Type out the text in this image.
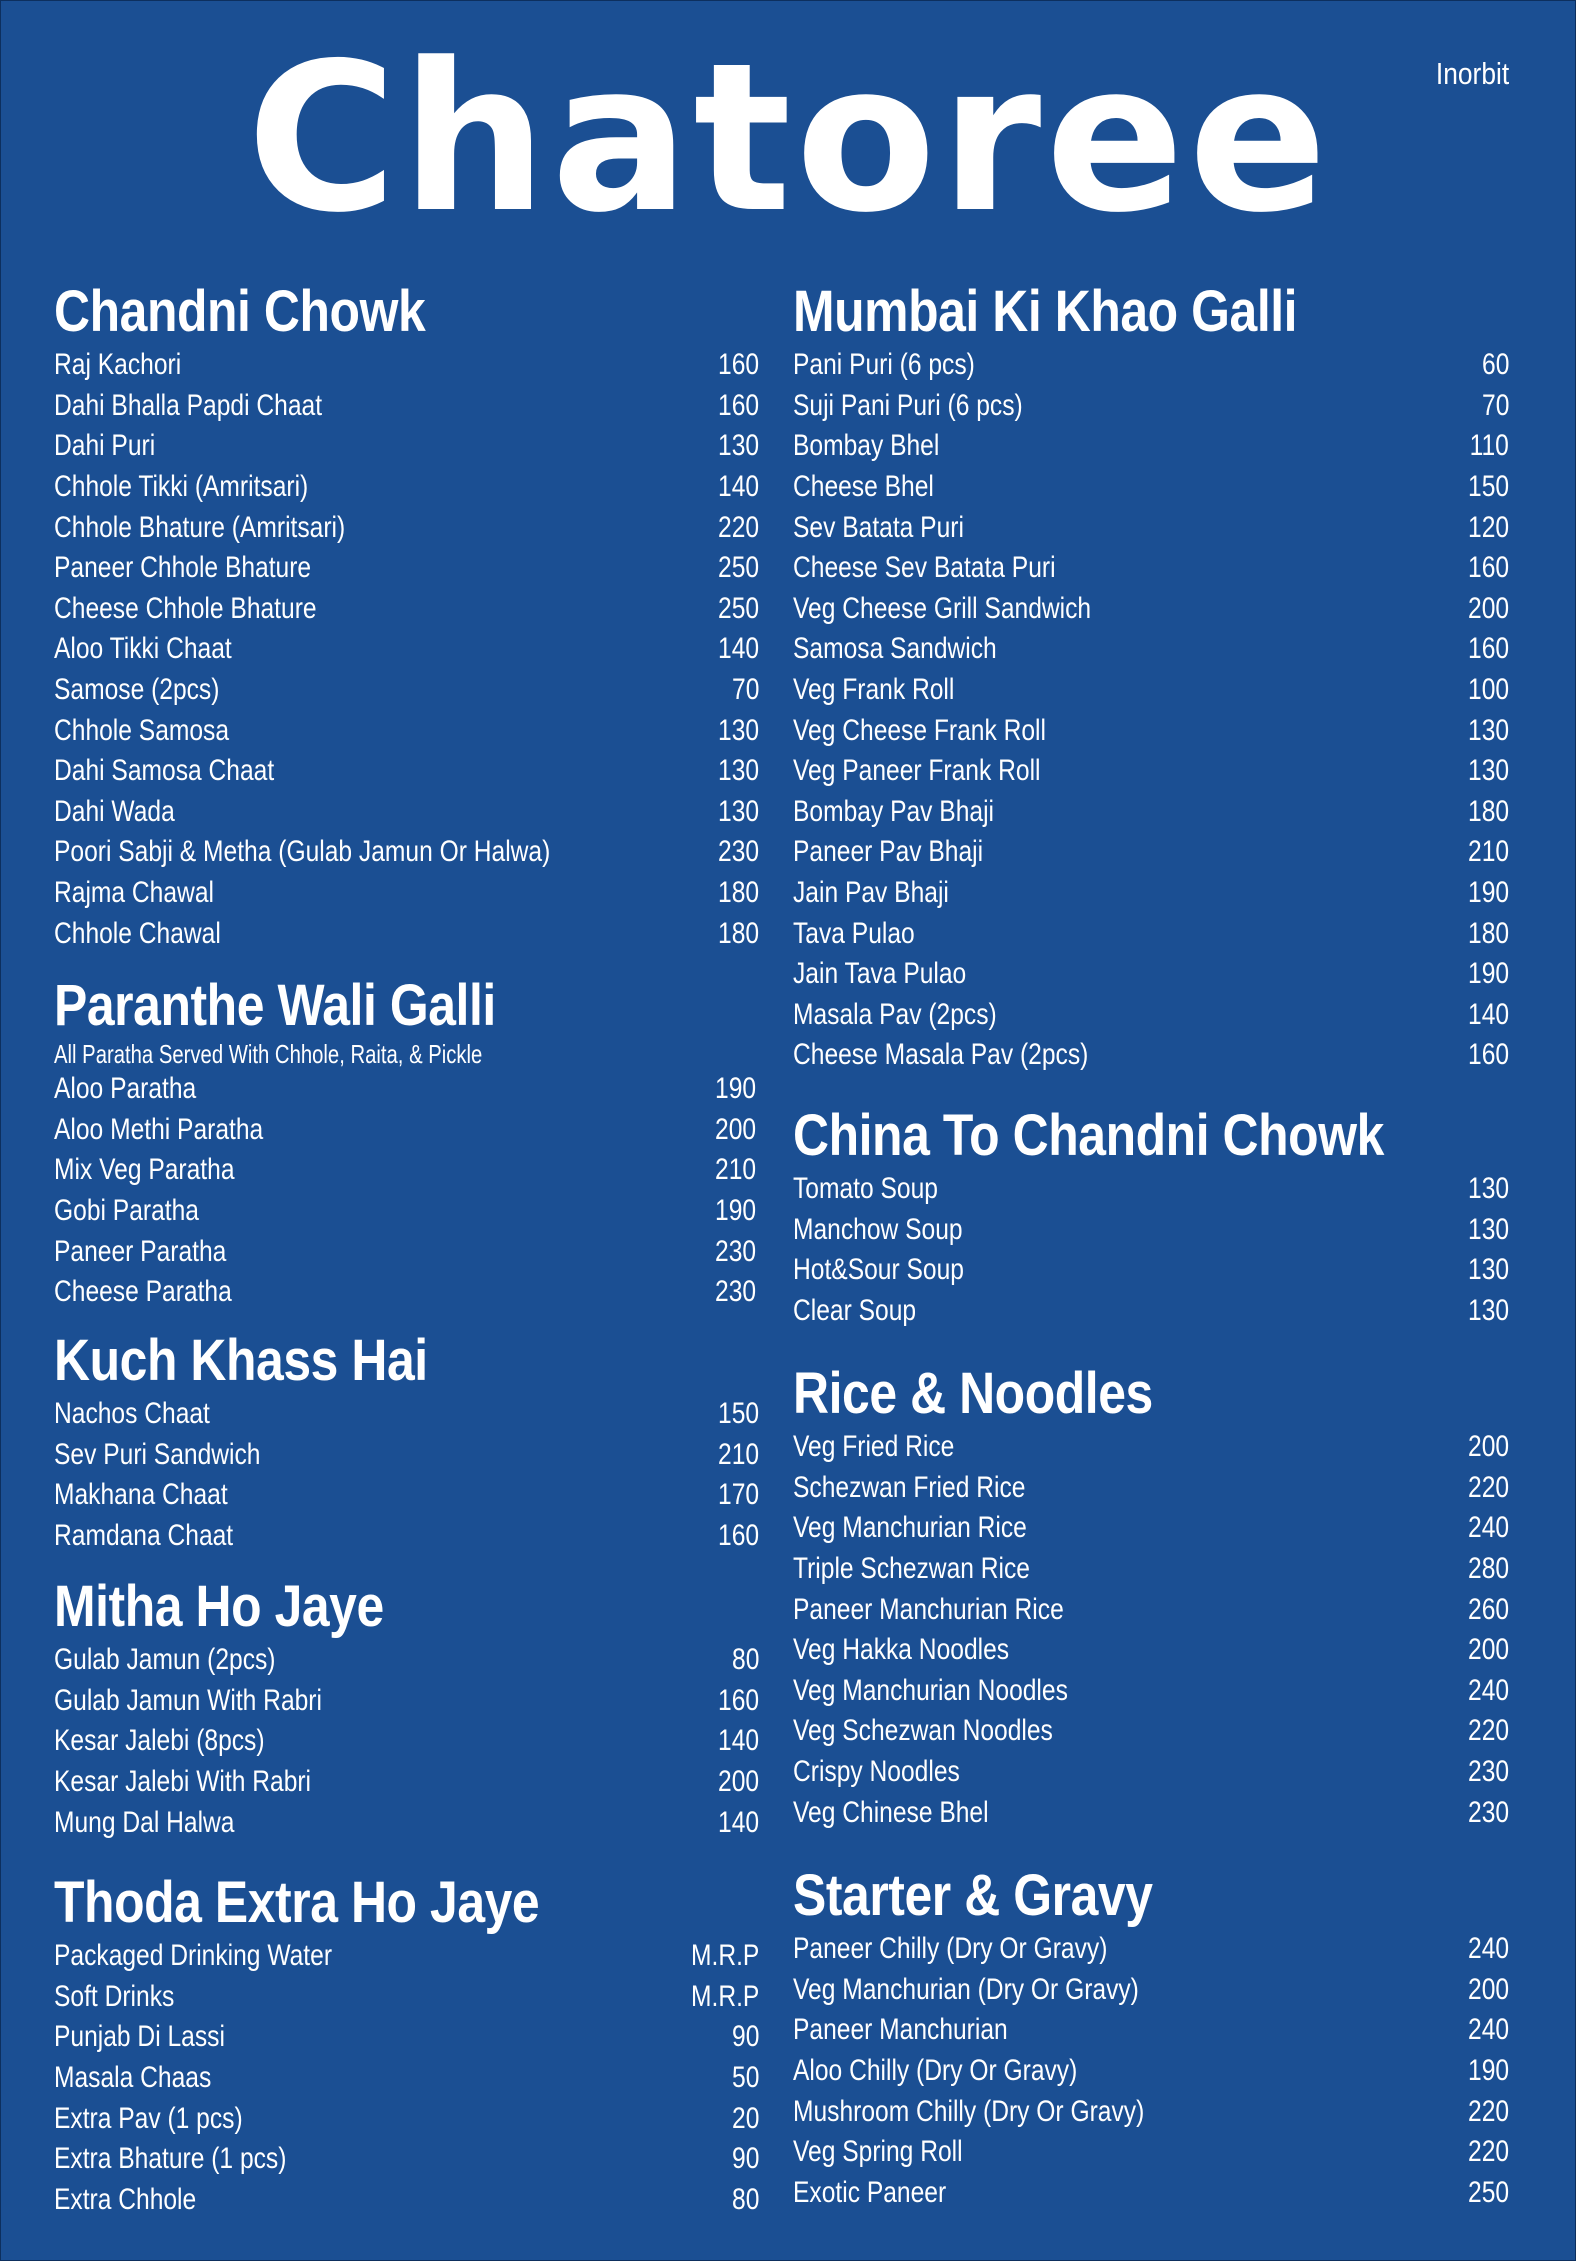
Chatoree	Inorbit
Chandni Chowk
Raj Kachori	160
Dahi Bhalla Papdi Chaat	160
Dahi Puri	130
Chhole Tikki (Amritsari)	140
Chhole Bhature (Amritsari)	220
Paneer Chhole Bhature	250
Cheese Chhole Bhature	250
Aloo Tikki Chaat	140
Samose (2pcs)	70
Chhole Samosa	130
Dahi Samosa Chaat	130
Dahi Wada	130
Poori Sabji & Metha (Gulab Jamun Or Halwa)	230
Rajma Chawal	180
Chhole Chawal	180
Paranthe Wali Galli
All Paratha Served With Chhole, Raita, & Pickle
Aloo Paratha	190
Aloo Methi Paratha	200
Mix Veg Paratha	210
Gobi Paratha	190
Paneer Paratha	230
Cheese Paratha	230
Kuch Khass Hai
Nachos Chaat	150
Sev Puri Sandwich	210
Makhana Chaat	170
Ramdana Chaat	160
Mitha Ho Jaye
Gulab Jamun (2pcs)	80
Gulab Jamun With Rabri	160
Kesar Jalebi (8pcs)	140
Kesar Jalebi With Rabri	200
Mung Dal Halwa	140
Thoda Extra Ho Jaye
Packaged Drinking Water	M.R.P
Soft Drinks	M.R.P
Punjab Di Lassi	90
Masala Chaas	50
Extra Pav (1 pcs)	20
Extra Bhature (1 pcs)	90
Extra Chhole	80
Mumbai Ki Khao Galli
Pani Puri (6 pcs)	60
Suji Pani Puri (6 pcs)	70
Bombay Bhel	110
Cheese Bhel	150
Sev Batata Puri	120
Cheese Sev Batata Puri	160
Veg Cheese Grill Sandwich	200
Samosa Sandwich	160
Veg Frank Roll	100
Veg Cheese Frank Roll	130
Veg Paneer Frank Roll	130
Bombay Pav Bhaji	180
Paneer Pav Bhaji	210
Jain Pav Bhaji	190
Tava Pulao	180
Jain Tava Pulao	190
Masala Pav (2pcs)	140
Cheese Masala Pav (2pcs)	160
China To Chandni Chowk
Tomato Soup	130
Manchow Soup	130
Hot&Sour Soup	130
Clear Soup	130
Rice & Noodles
Veg Fried Rice	200
Schezwan Fried Rice	220
Veg Manchurian Rice	240
Triple Schezwan Rice	280
Paneer Manchurian Rice	260
Veg Hakka Noodles	200
Veg Manchurian Noodles	240
Veg Schezwan Noodles	220
Crispy Noodles	230
Veg Chinese Bhel	230
Starter & Gravy
Paneer Chilly (Dry Or Gravy)	240
Veg Manchurian (Dry Or Gravy)	200
Paneer Manchurian	240
Aloo Chilly (Dry Or Gravy)	190
Mushroom Chilly (Dry Or Gravy)	220
Veg Spring Roll	220
Exotic Paneer	250
